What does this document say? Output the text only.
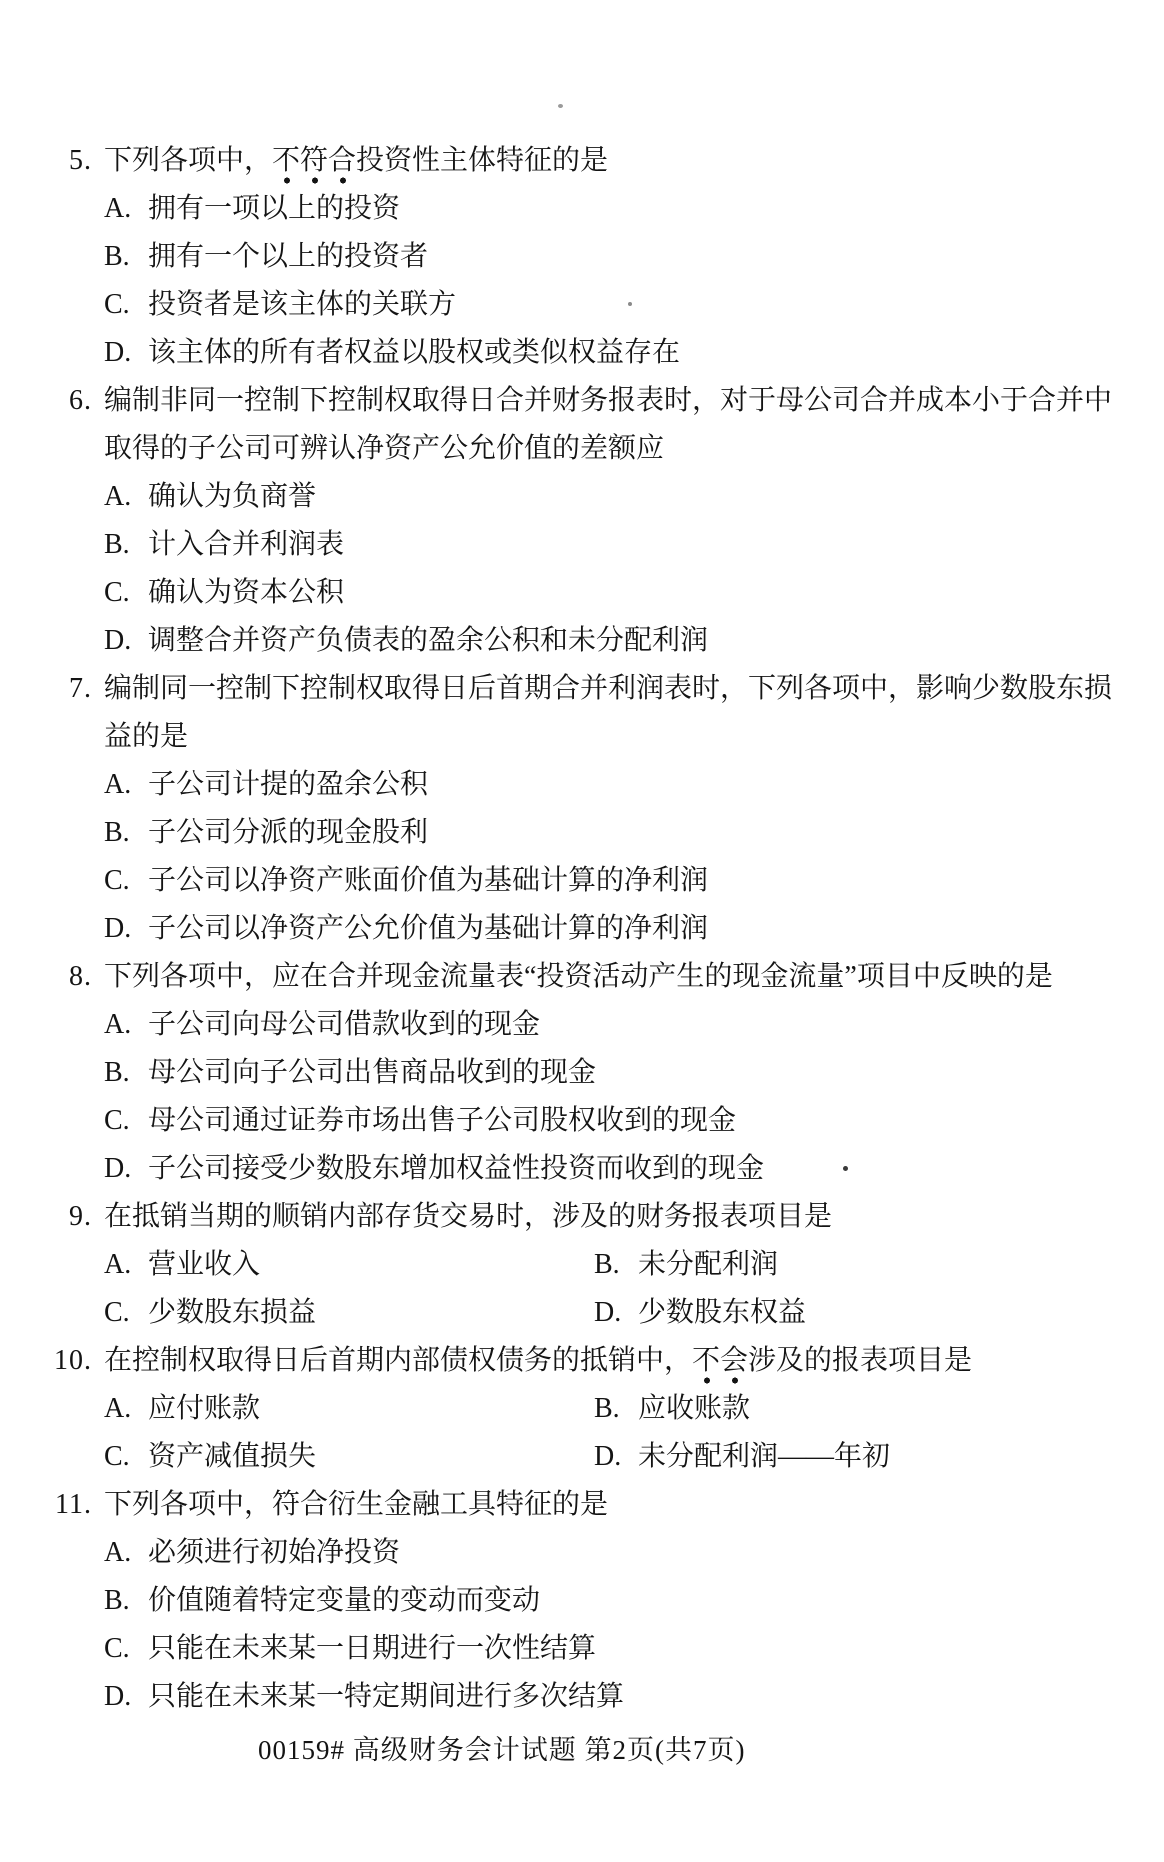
5. 下列各项中，不符合投资性主体特征的是
A. 拥有一项以上的投资
B. 拥有一个以上的投资者
C. 投资者是该主体的关联方
D. 该主体的所有者权益以股权或类似权益存在
6. 编制非同一控制下控制权取得日合并财务报表时，对于母公司合并成本小于合并中
取得的子公司可辨认净资产公允价值的差额应
A. 确认为负商誉
B. 计入合并利润表
C. 确认为资本公积
D. 调整合并资产负债表的盈余公积和未分配利润
7. 编制同一控制下控制权取得日后首期合并利润表时，下列各项中，影响少数股东损
益的是
A. 子公司计提的盈余公积
B. 子公司分派的现金股利
C. 子公司以净资产账面价值为基础计算的净利润
D. 子公司以净资产公允价值为基础计算的净利润
8. 下列各项中，应在合并现金流量表“投资活动产生的现金流量”项目中反映的是
A. 子公司向母公司借款收到的现金
B. 母公司向子公司出售商品收到的现金
C. 母公司通过证券市场出售子公司股权收到的现金
D. 子公司接受少数股东增加权益性投资而收到的现金
9. 在抵销当期的顺销内部存货交易时，涉及的财务报表项目是
A. 营业收入	B. 未分配利润
C. 少数股东损益	D. 少数股东权益
10. 在控制权取得日后首期内部债权债务的抵销中，不会涉及的报表项目是
A. 应付账款	B. 应收账款
C. 资产减值损失	D. 未分配利润——年初
11. 下列各项中，符合衍生金融工具特征的是
A. 必须进行初始净投资
B. 价值随着特定变量的变动而变动
C. 只能在未来某一日期进行一次性结算
D. 只能在未来某一特定期间进行多次结算
00159# 高级财务会计试题 第2页(共7页)
